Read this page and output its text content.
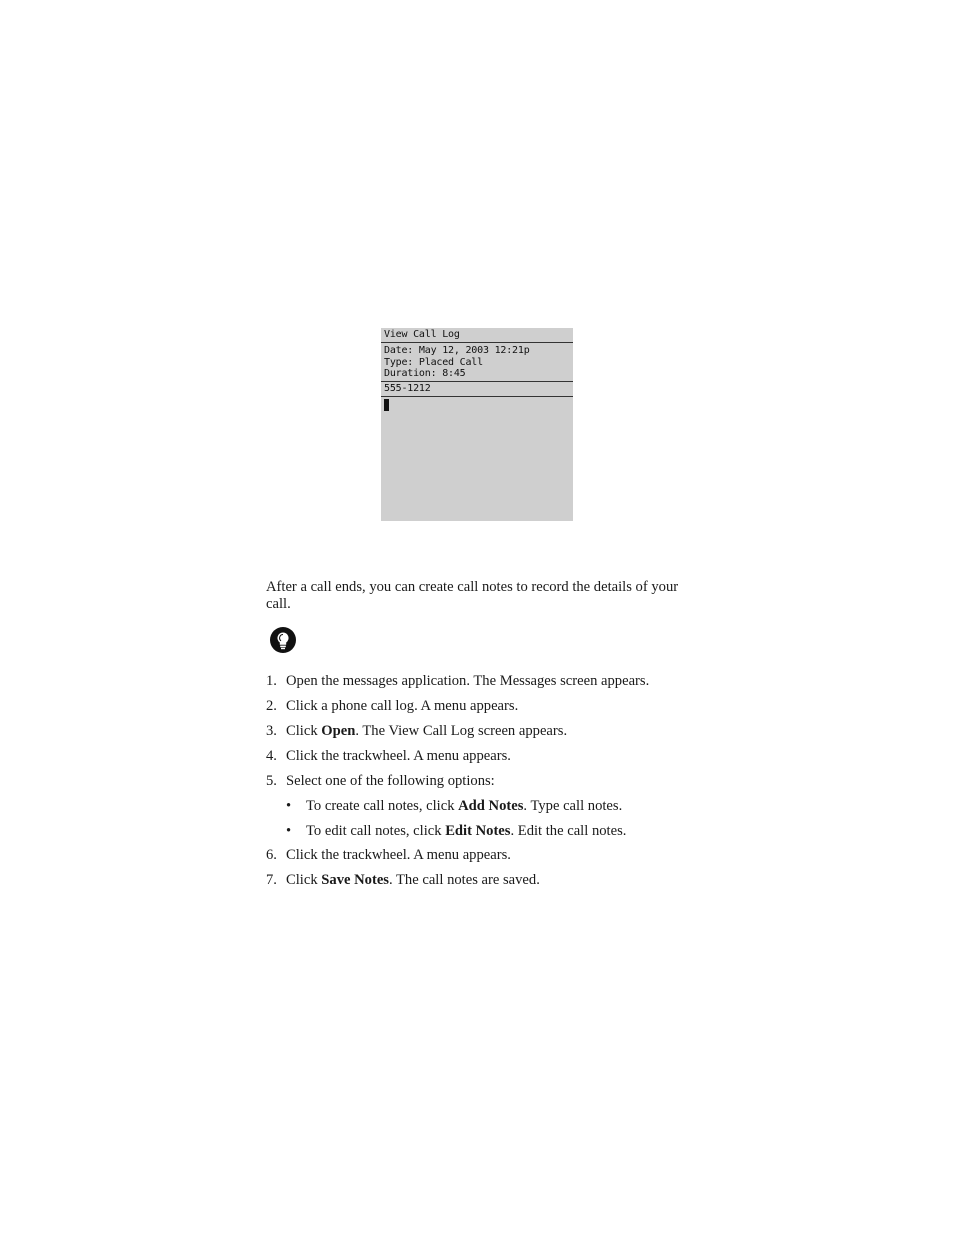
View Call Log
Date: May 12, 2003 12:21p
Type: Placed Call
Duration: 8:45
555-1212
After a call ends, you can create call notes to record the details of your call.
1. Open the messages application. The Messages screen appears.
2. Click a phone call log. A menu appears.
3. Click Open. The View Call Log screen appears.
4. Click the trackwheel. A menu appears.
5. Select one of the following options:
• To create call notes, click Add Notes. Type call notes.
• To edit call notes, click Edit Notes. Edit the call notes.
6. Click the trackwheel. A menu appears.
7. Click Save Notes. The call notes are saved.
